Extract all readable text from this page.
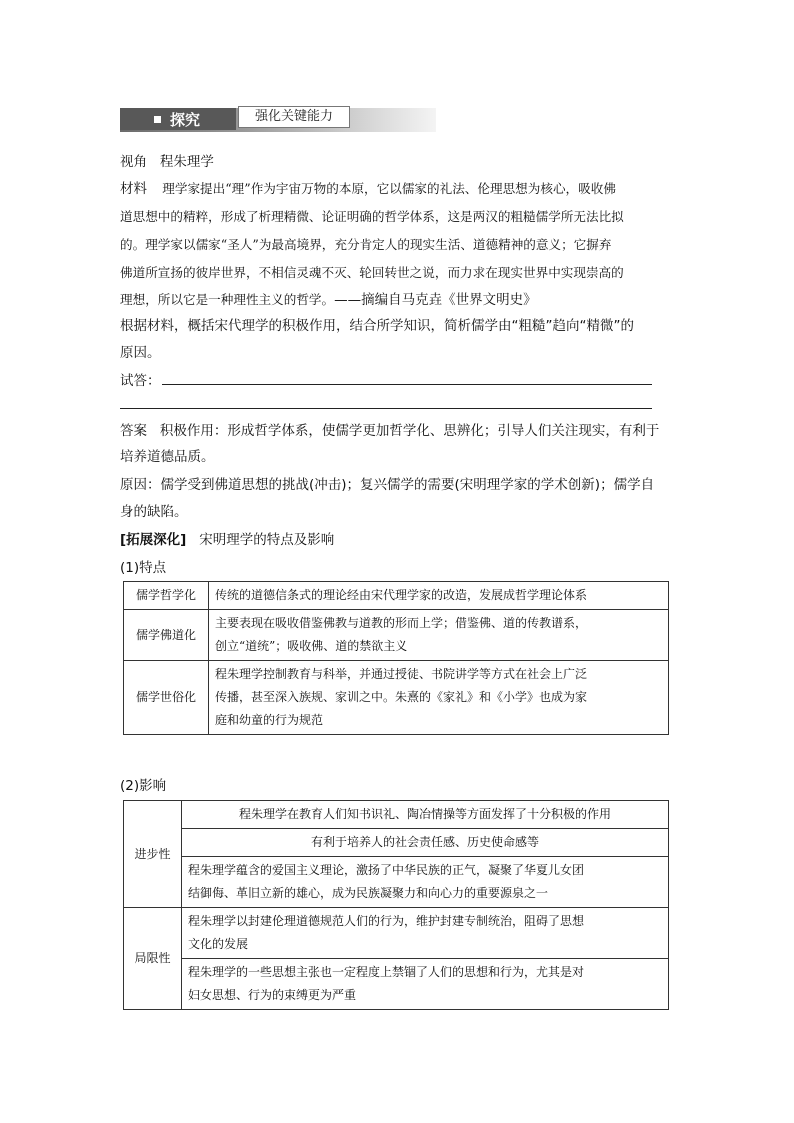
探究	强化关键能力
视角 程朱理学
材料 理学家提出“理”作为宇宙万物的本原，它以儒家的礼法、伦理思想为核心，吸收佛
道思想中的精粹，形成了析理精微、论证明确的哲学体系，这是两汉的粗糙儒学所无法比拟
的。理学家以儒家“圣人”为最高境界，充分肯定人的现实生活、道德精神的意义；它摒弃
佛道所宣扬的彼岸世界，不相信灵魂不灭、轮回转世之说，而力求在现实世界中实现崇高的
理想，所以它是一种理性主义的哲学。——摘编自马克垚《世界文明史》
根据材料，概括宋代理学的积极作用，结合所学知识，简析儒学由“粗糙”趋向“精微”的
原因。
试答：
答案 积极作用：形成哲学体系，使儒学更加哲学化、思辨化；引导人们关注现实，有利于
培养道德品质。
原因：儒学受到佛道思想的挑战(冲击)；复兴儒学的需要(宋明理学家的学术创新)；儒学自
身的缺陷。
[拓展深化] 宋明理学的特点及影响
(1)特点
儒学哲学化	传统的道德信条式的理论经由宋代理学家的改造，发展成哲学理论体系

儒学佛道化	主要表现在吸收借鉴佛教与道教的形而上学；借鉴佛、道的传教谱系，
创立“道统”；吸收佛、道的禁欲主义

儒学世俗化	程朱理学控制教育与科举，并通过授徒、书院讲学等方式在社会上广泛
传播，甚至深入族规、家训之中。朱熹的《家礼》和《小学》也成为家
庭和幼童的行为规范
(2)影响
进步性	程朱理学在教育人们知书识礼、陶冶情操等方面发挥了十分积极的作用

	有利于培养人的社会责任感、历史使命感等

	程朱理学蕴含的爱国主义理论，激扬了中华民族的正气，凝聚了华夏儿女团
结御侮、革旧立新的雄心，成为民族凝聚力和向心力的重要源泉之一

局限性	程朱理学以封建伦理道德规范人们的行为，维护封建专制统治，阻碍了思想
文化的发展

	程朱理学的一些思想主张也一定程度上禁锢了人们的思想和行为，尤其是对
妇女思想、行为的束缚更为严重
